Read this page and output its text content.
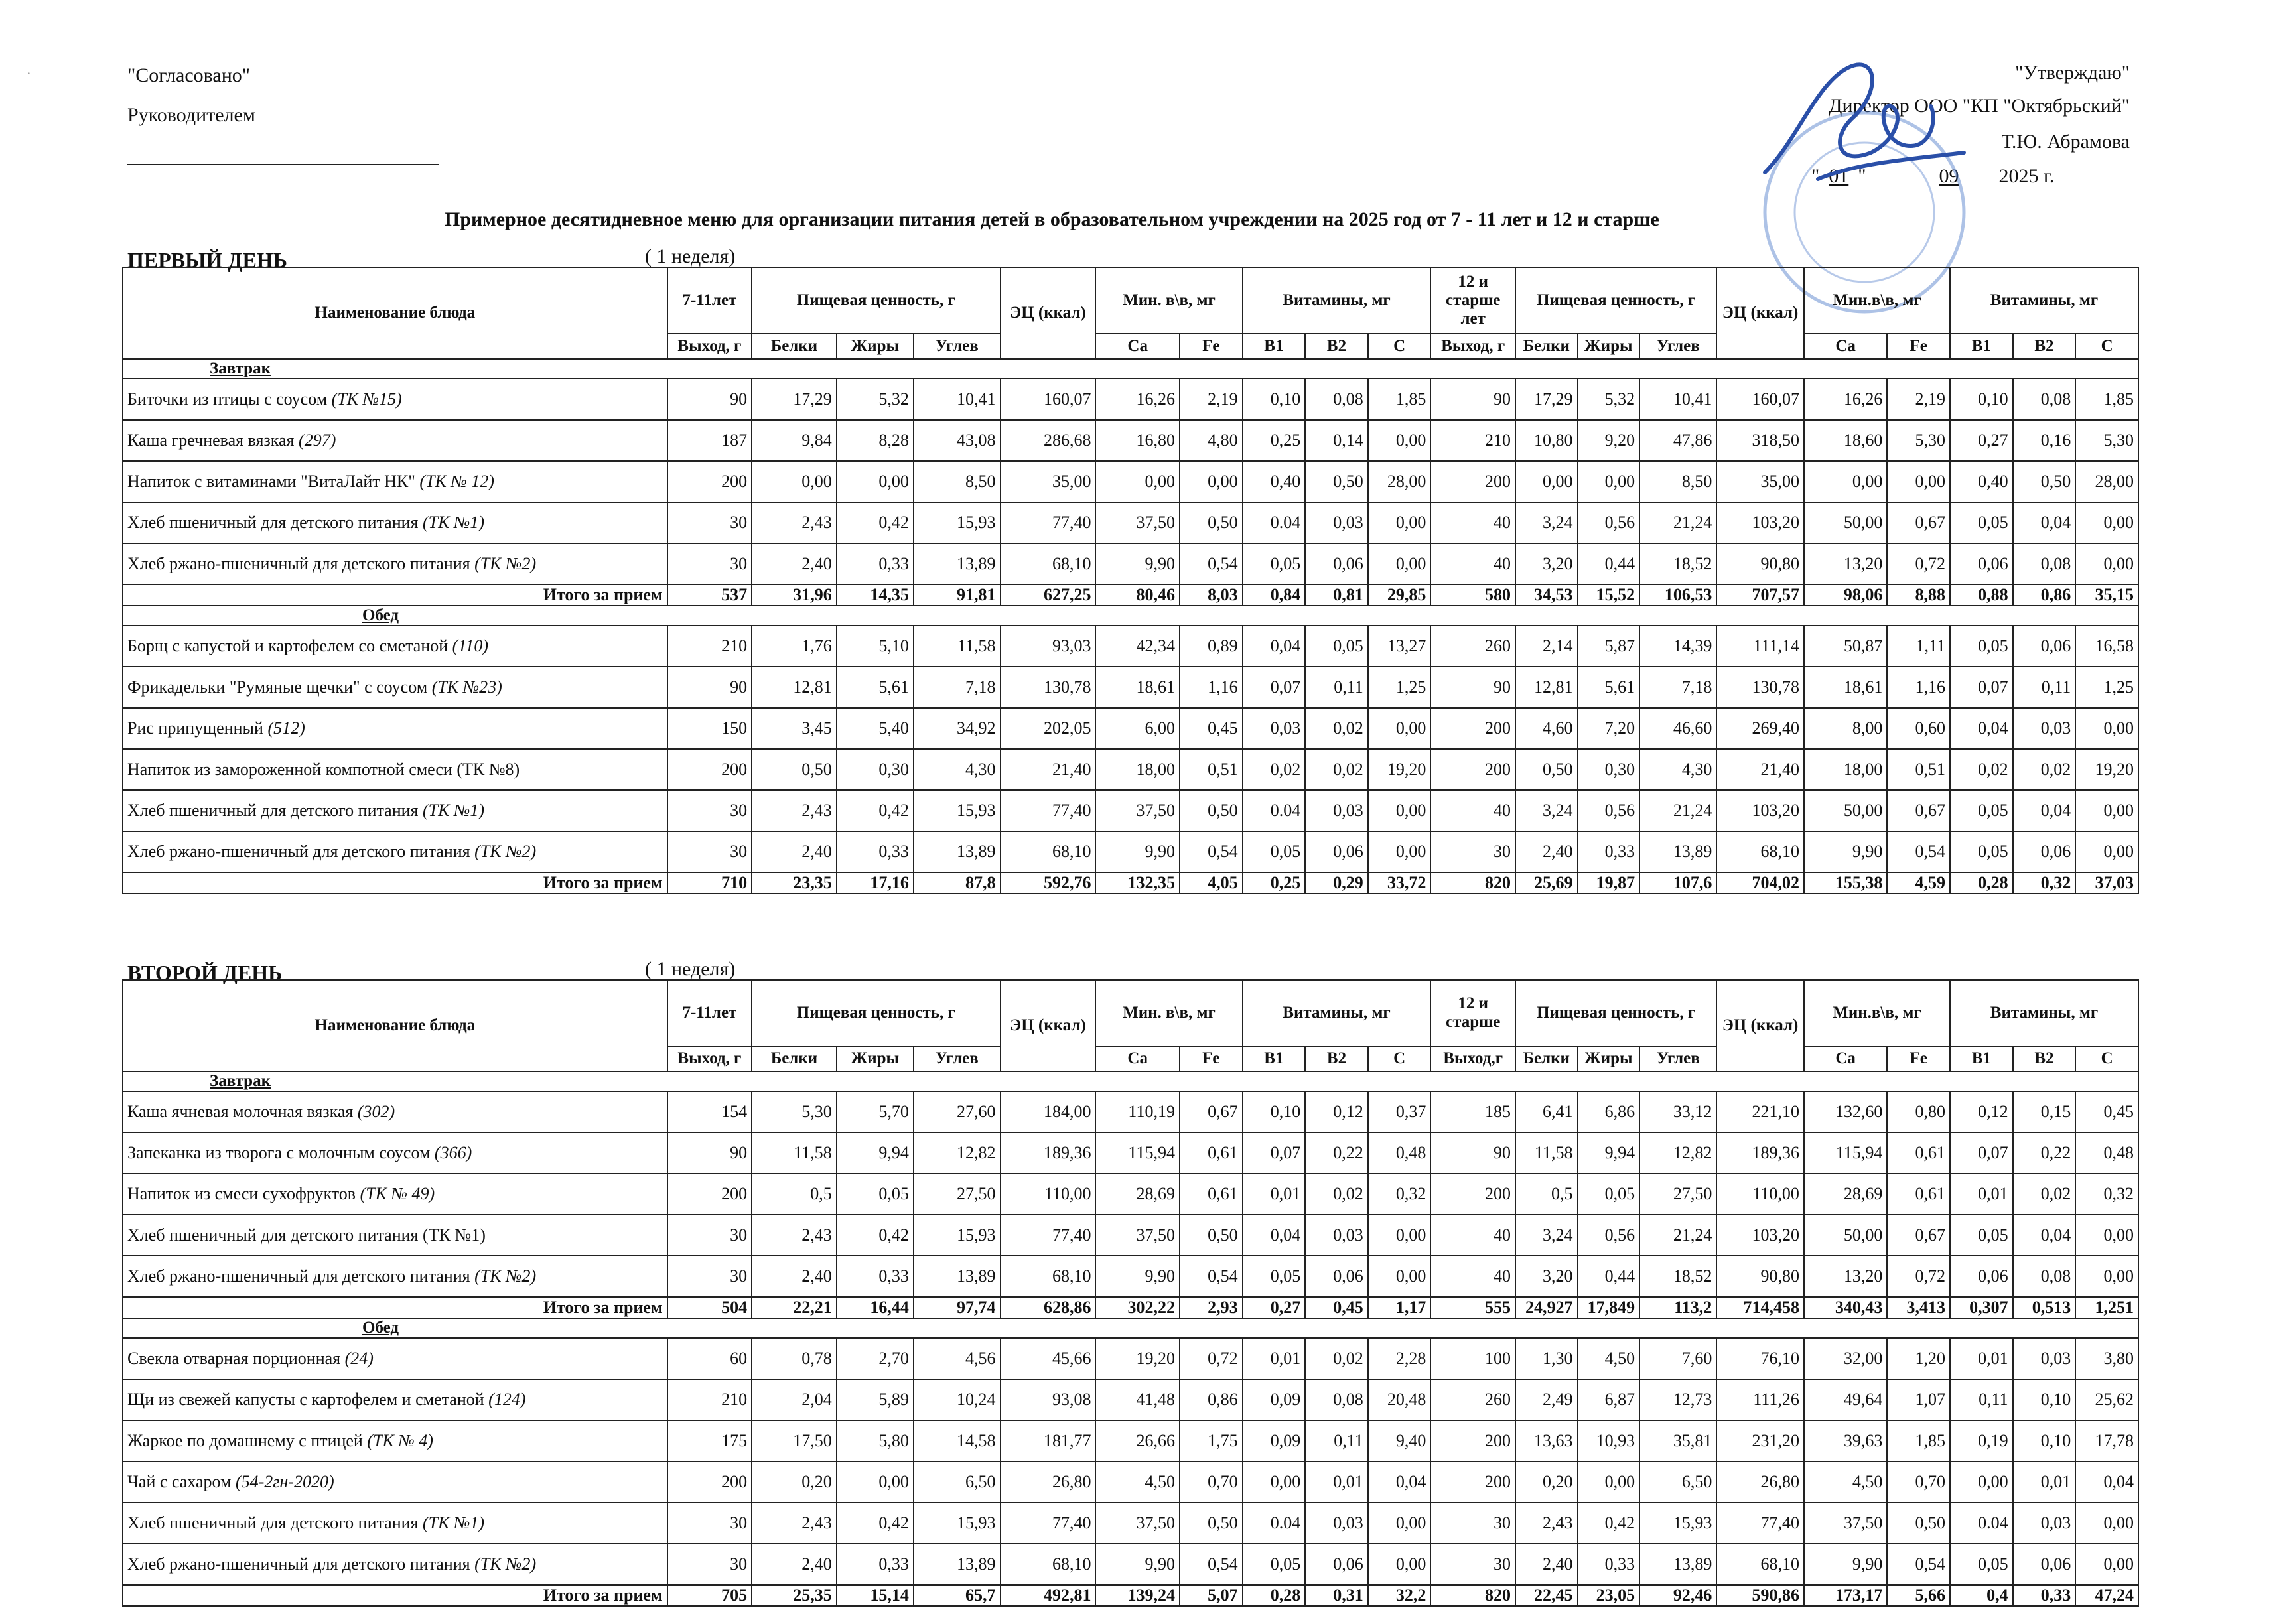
·	"Согласовано"
Руководителем
"Утверждаю"
Директор ООО "КП "Октябрьский"
Т.Ю. Абрамова
" 01 "	09 2025 г.
Примерное десятидневное меню для организации питания детей в образовательном учреждении на 2025 год от 7 - 11 лет и 12 и старше
ПЕРВЫЙ ДЕНЬ	( 1 неделя)
Наименование блюда	7-11лет	Пищевая ценность, г			ЭЦ (ккал)	Мин. в\в, мг		Витамины, мг			12 и старше лет	Пищевая ценность, г			ЭЦ (ккал)	Мин.в\в, мг		Витамины, мг		
	Выход, г	Белки	Жиры	Углев		Ca	Fe	B1	B2	C	Выход, г	Белки	Жиры	Углев		Ca	Fe	B1	B2	C
Завтрак																				
Биточки из птицы с соусом (ТК №15)	90	17,29	5,32	10,41	160,07	16,26	2,19	0,10	0,08	1,85	90	17,29	5,32	10,41	160,07	16,26	2,19	0,10	0,08	1,85
Каша гречневая вязкая (297)	187	9,84	8,28	43,08	286,68	16,80	4,80	0,25	0,14	0,00	210	10,80	9,20	47,86	318,50	18,60	5,30	0,27	0,16	5,30
Напиток с витаминами "ВитаЛайт НК" (ТК № 12)	200	0,00	0,00	8,50	35,00	0,00	0,00	0,40	0,50	28,00	200	0,00	0,00	8,50	35,00	0,00	0,00	0,40	0,50	28,00
Хлеб пшеничный для детского питания (ТК №1)	30	2,43	0,42	15,93	77,40	37,50	0,50	0.04	0,03	0,00	40	3,24	0,56	21,24	103,20	50,00	0,67	0,05	0,04	0,00
Хлеб ржано-пшеничный для детского питания (ТК №2)	30	2,40	0,33	13,89	68,10	9,90	0,54	0,05	0,06	0,00	40	3,20	0,44	18,52	90,80	13,20	0,72	0,06	0,08	0,00
Итого за прием	537	31,96	14,35	91,81	627,25	80,46	8,03	0,84	0,81	29,85	580	34,53	15,52	106,53	707,57	98,06	8,88	0,88	0,86	35,15
Обед																				
Борщ с капустой и картофелем со сметаной (110)	210	1,76	5,10	11,58	93,03	42,34	0,89	0,04	0,05	13,27	260	2,14	5,87	14,39	111,14	50,87	1,11	0,05	0,06	16,58
Фрикадельки "Румяные щечки" с соусом (ТК №23)	90	12,81	5,61	7,18	130,78	18,61	1,16	0,07	0,11	1,25	90	12,81	5,61	7,18	130,78	18,61	1,16	0,07	0,11	1,25
Рис припущенный (512)	150	3,45	5,40	34,92	202,05	6,00	0,45	0,03	0,02	0,00	200	4,60	7,20	46,60	269,40	8,00	0,60	0,04	0,03	0,00
Напиток из замороженной компотной смеси (ТК №8)	200	0,50	0,30	4,30	21,40	18,00	0,51	0,02	0,02	19,20	200	0,50	0,30	4,30	21,40	18,00	0,51	0,02	0,02	19,20
Хлеб пшеничный для детского питания (ТК №1)	30	2,43	0,42	15,93	77,40	37,50	0,50	0.04	0,03	0,00	40	3,24	0,56	21,24	103,20	50,00	0,67	0,05	0,04	0,00
Хлеб ржано-пшеничный для детского питания (ТК №2)	30	2,40	0,33	13,89	68,10	9,90	0,54	0,05	0,06	0,00	30	2,40	0,33	13,89	68,10	9,90	0,54	0,05	0,06	0,00
Итого за прием	710	23,35	17,16	87,8	592,76	132,35	4,05	0,25	0,29	33,72	820	25,69	19,87	107,6	704,02	155,38	4,59	0,28	0,32	37,03
ВТОРОЙ ДЕНЬ	( 1 неделя)
Наименование блюда	7-11лет	Пищевая ценность, г			ЭЦ (ккал)	Мин. в\в, мг		Витамины, мг			12 и старше	Пищевая ценность, г			ЭЦ (ккал)	Мин.в\в, мг		Витамины, мг		
	Выход, г	Белки	Жиры	Углев		Ca	Fe	B1	B2	C	Выход,г	Белки	Жиры	Углев		Ca	Fe	B1	B2	C
Завтрак																				
Каша ячневая молочная вязкая (302)	154	5,30	5,70	27,60	184,00	110,19	0,67	0,10	0,12	0,37	185	6,41	6,86	33,12	221,10	132,60	0,80	0,12	0,15	0,45
Запеканка из творога с молочным соусом (366)	90	11,58	9,94	12,82	189,36	115,94	0,61	0,07	0,22	0,48	90	11,58	9,94	12,82	189,36	115,94	0,61	0,07	0,22	0,48
Напиток из смеси сухофруктов (ТК № 49)	200	0,5	0,05	27,50	110,00	28,69	0,61	0,01	0,02	0,32	200	0,5	0,05	27,50	110,00	28,69	0,61	0,01	0,02	0,32
Хлеб пшеничный для детского питания (ТК №1)	30	2,43	0,42	15,93	77,40	37,50	0,50	0,04	0,03	0,00	40	3,24	0,56	21,24	103,20	50,00	0,67	0,05	0,04	0,00
Хлеб ржано-пшеничный для детского питания (ТК №2)	30	2,40	0,33	13,89	68,10	9,90	0,54	0,05	0,06	0,00	40	3,20	0,44	18,52	90,80	13,20	0,72	0,06	0,08	0,00
Итого за прием	504	22,21	16,44	97,74	628,86	302,22	2,93	0,27	0,45	1,17	555	24,927	17,849	113,2	714,458	340,43	3,413	0,307	0,513	1,251
Обед																				
Свекла отварная порционная (24)	60	0,78	2,70	4,56	45,66	19,20	0,72	0,01	0,02	2,28	100	1,30	4,50	7,60	76,10	32,00	1,20	0,01	0,03	3,80
Щи из свежей капусты с картофелем и сметаной (124)	210	2,04	5,89	10,24	93,08	41,48	0,86	0,09	0,08	20,48	260	2,49	6,87	12,73	111,26	49,64	1,07	0,11	0,10	25,62
Жаркое по домашнему с птицей (ТК № 4)	175	17,50	5,80	14,58	181,77	26,66	1,75	0,09	0,11	9,40	200	13,63	10,93	35,81	231,20	39,63	1,85	0,19	0,10	17,78
Чай с сахаром (54-2гн-2020)	200	0,20	0,00	6,50	26,80	4,50	0,70	0,00	0,01	0,04	200	0,20	0,00	6,50	26,80	4,50	0,70	0,00	0,01	0,04
Хлеб пшеничный для детского питания (ТК №1)	30	2,43	0,42	15,93	77,40	37,50	0,50	0.04	0,03	0,00	30	2,43	0,42	15,93	77,40	37,50	0,50	0.04	0,03	0,00
Хлеб ржано-пшеничный для детского питания (ТК №2)	30	2,40	0,33	13,89	68,10	9,90	0,54	0,05	0,06	0,00	30	2,40	0,33	13,89	68,10	9,90	0,54	0,05	0,06	0,00
Итого за прием	705	25,35	15,14	65,7	492,81	139,24	5,07	0,28	0,31	32,2	820	22,45	23,05	92,46	590,86	173,17	5,66	0,4	0,33	47,24
